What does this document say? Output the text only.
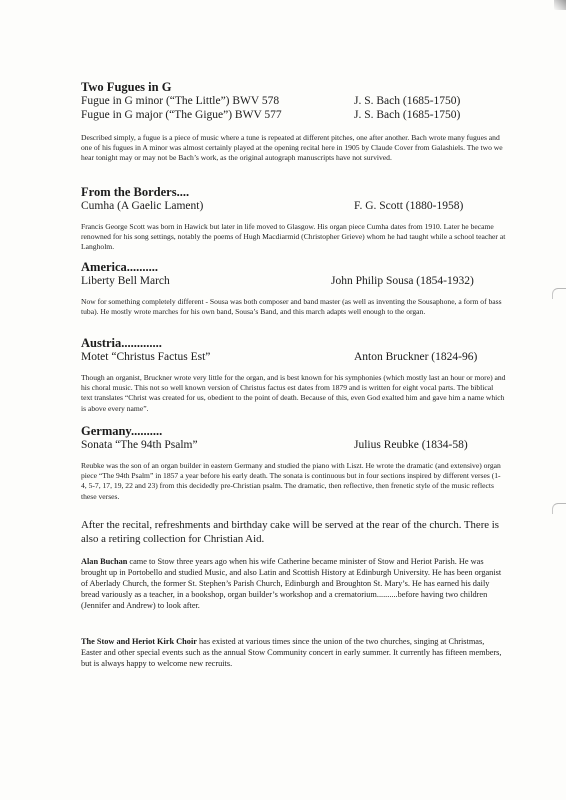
Two Fugues in G
Fugue in G minor (“The Little”) BWV 578	J. S. Bach (1685-1750)
Fugue in G major (“The Gigue”) BWV 577	J. S. Bach (1685-1750)

Described simply, a fugue is a piece of music where a tune is repeated at different pitches, one after another. Bach wrote many fugues and one of his fugues in A minor was almost certainly played at the opening recital here in 1905 by Claude Cover from Galashiels. The two we hear tonight may or may not be Bach’s work, as the original autograph manuscripts have not survived.

From the Borders....
Cumha (A Gaelic Lament)	F. G. Scott (1880-1958)

Francis George Scott was born in Hawick but later in life moved to Glasgow. His organ piece Cumha dates from 1910. Later he became renowned for his song settings, notably the poems of Hugh Macdiarmid (Christopher Grieve) whom he had taught while a school teacher at Langholm.

America..........
Liberty Bell March	John Philip Sousa (1854-1932)

Now for something completely different - Sousa was both composer and band master (as well as inventing the Sousaphone, a form of bass tuba). He mostly wrote marches for his own band, Sousa’s Band, and this march adapts well enough to the organ.

Austria.............
Motet “Christus Factus Est”	Anton Bruckner (1824-96)

Though an organist, Bruckner wrote very little for the organ, and is best known for his symphonies (which mostly last an hour or more) and his choral music. This not so well known version of Christus factus est dates from 1879 and is written for eight vocal parts. The biblical text translates “Christ was created for us, obedient to the point of death. Because of this, even God exalted him and gave him a name which is above every name”.

Germany..........
Sonata “The 94th Psalm”	Julius Reubke (1834-58)

Reubke was the son of an organ builder in eastern Germany and studied the piano with Liszt. He wrote the dramatic (and extensive) organ piece “The 94th Psalm” in 1857 a year before his early death. The sonata is continuous but in four sections inspired by different verses (1-4, 5-7, 17, 19, 22 and 23) from this decidedly pre-Christian psalm. The dramatic, then reflective, then frenetic style of the music reflects these verses.

After the recital, refreshments and birthday cake will be served at the rear of the church. There is also a retiring collection for Christian Aid.

Alan Buchan came to Stow three years ago when his wife Catherine became minister of Stow and Heriot Parish. He was brought up in Portobello and studied Music, and also Latin and Scottish History at Edinburgh University. He has been organist of Aberlady Church, the former St. Stephen’s Parish Church, Edinburgh and Broughton St. Mary’s. He has earned his daily bread variously as a teacher, in a bookshop, organ builder’s workshop and a crematorium..........before having two children (Jennifer and Andrew) to look after.

The Stow and Heriot Kirk Choir has existed at various times since the union of the two churches, singing at Christmas, Easter and other special events such as the annual Stow Community concert in early summer. It currently has fifteen members, but is always happy to welcome new recruits.
